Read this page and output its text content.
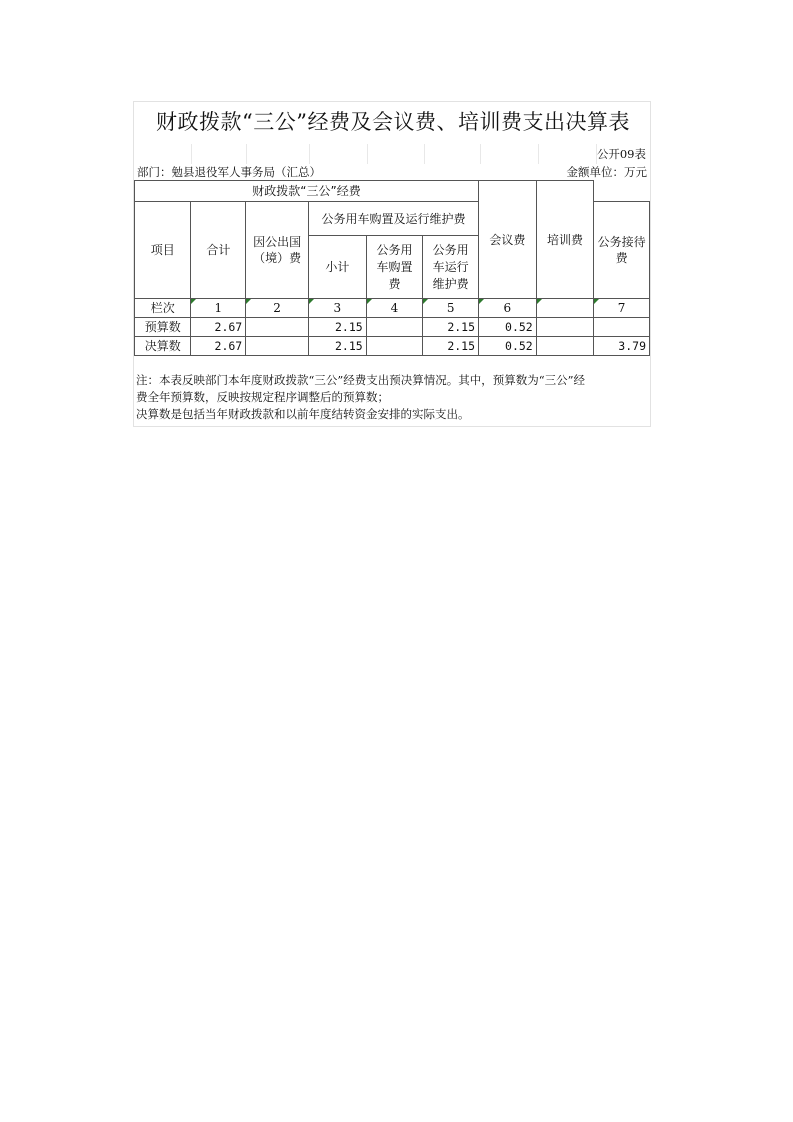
财政拨款“三公”经费及会议费、培训费支出决算表
公开09表
部门：勉县退役军人事务局（汇总）	金额单位：万元
财政拨款“三公”经费						会议费	培训费	
项目	合计	因公出国（境）费	公务用车购置及运行维护费					公务接待费
			小计	公务用车购置费	公务用车运行维护费			

栏次	1	2	3	4	5	6		7
预算数	2.67		2.15		2.15	0.52		
决算数	2.67		2.15		2.15	0.52		3.79
注：本表反映部门本年度财政拨款“三公”经费支出预决算情况。其中，预算数为“三公”经
费全年预算数，反映按规定程序调整后的预算数；
决算数是包括当年财政拨款和以前年度结转资金安排的实际支出。
